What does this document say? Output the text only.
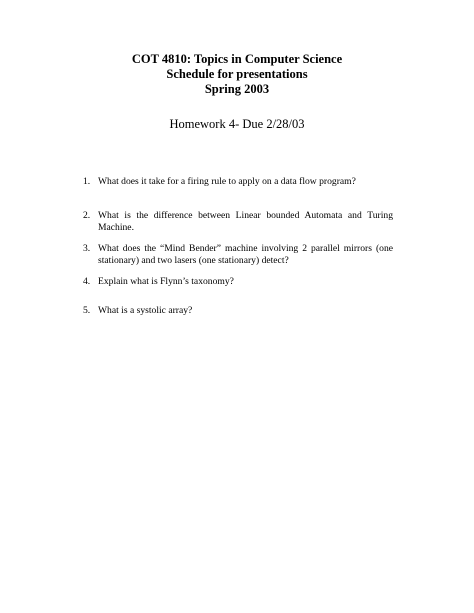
COT 4810: Topics in Computer Science
Schedule for presentations
Spring 2003
Homework 4- Due 2/28/03
1. What does it take for a firing rule to apply on a data flow program?
2. What is the difference between Linear bounded Automata and Turing Machine.
3. What does the “Mind Bender” machine involving 2 parallel mirrors (one stationary) and two lasers (one stationary) detect?
4. Explain what is Flynn’s taxonomy?
5. What is a systolic array?
